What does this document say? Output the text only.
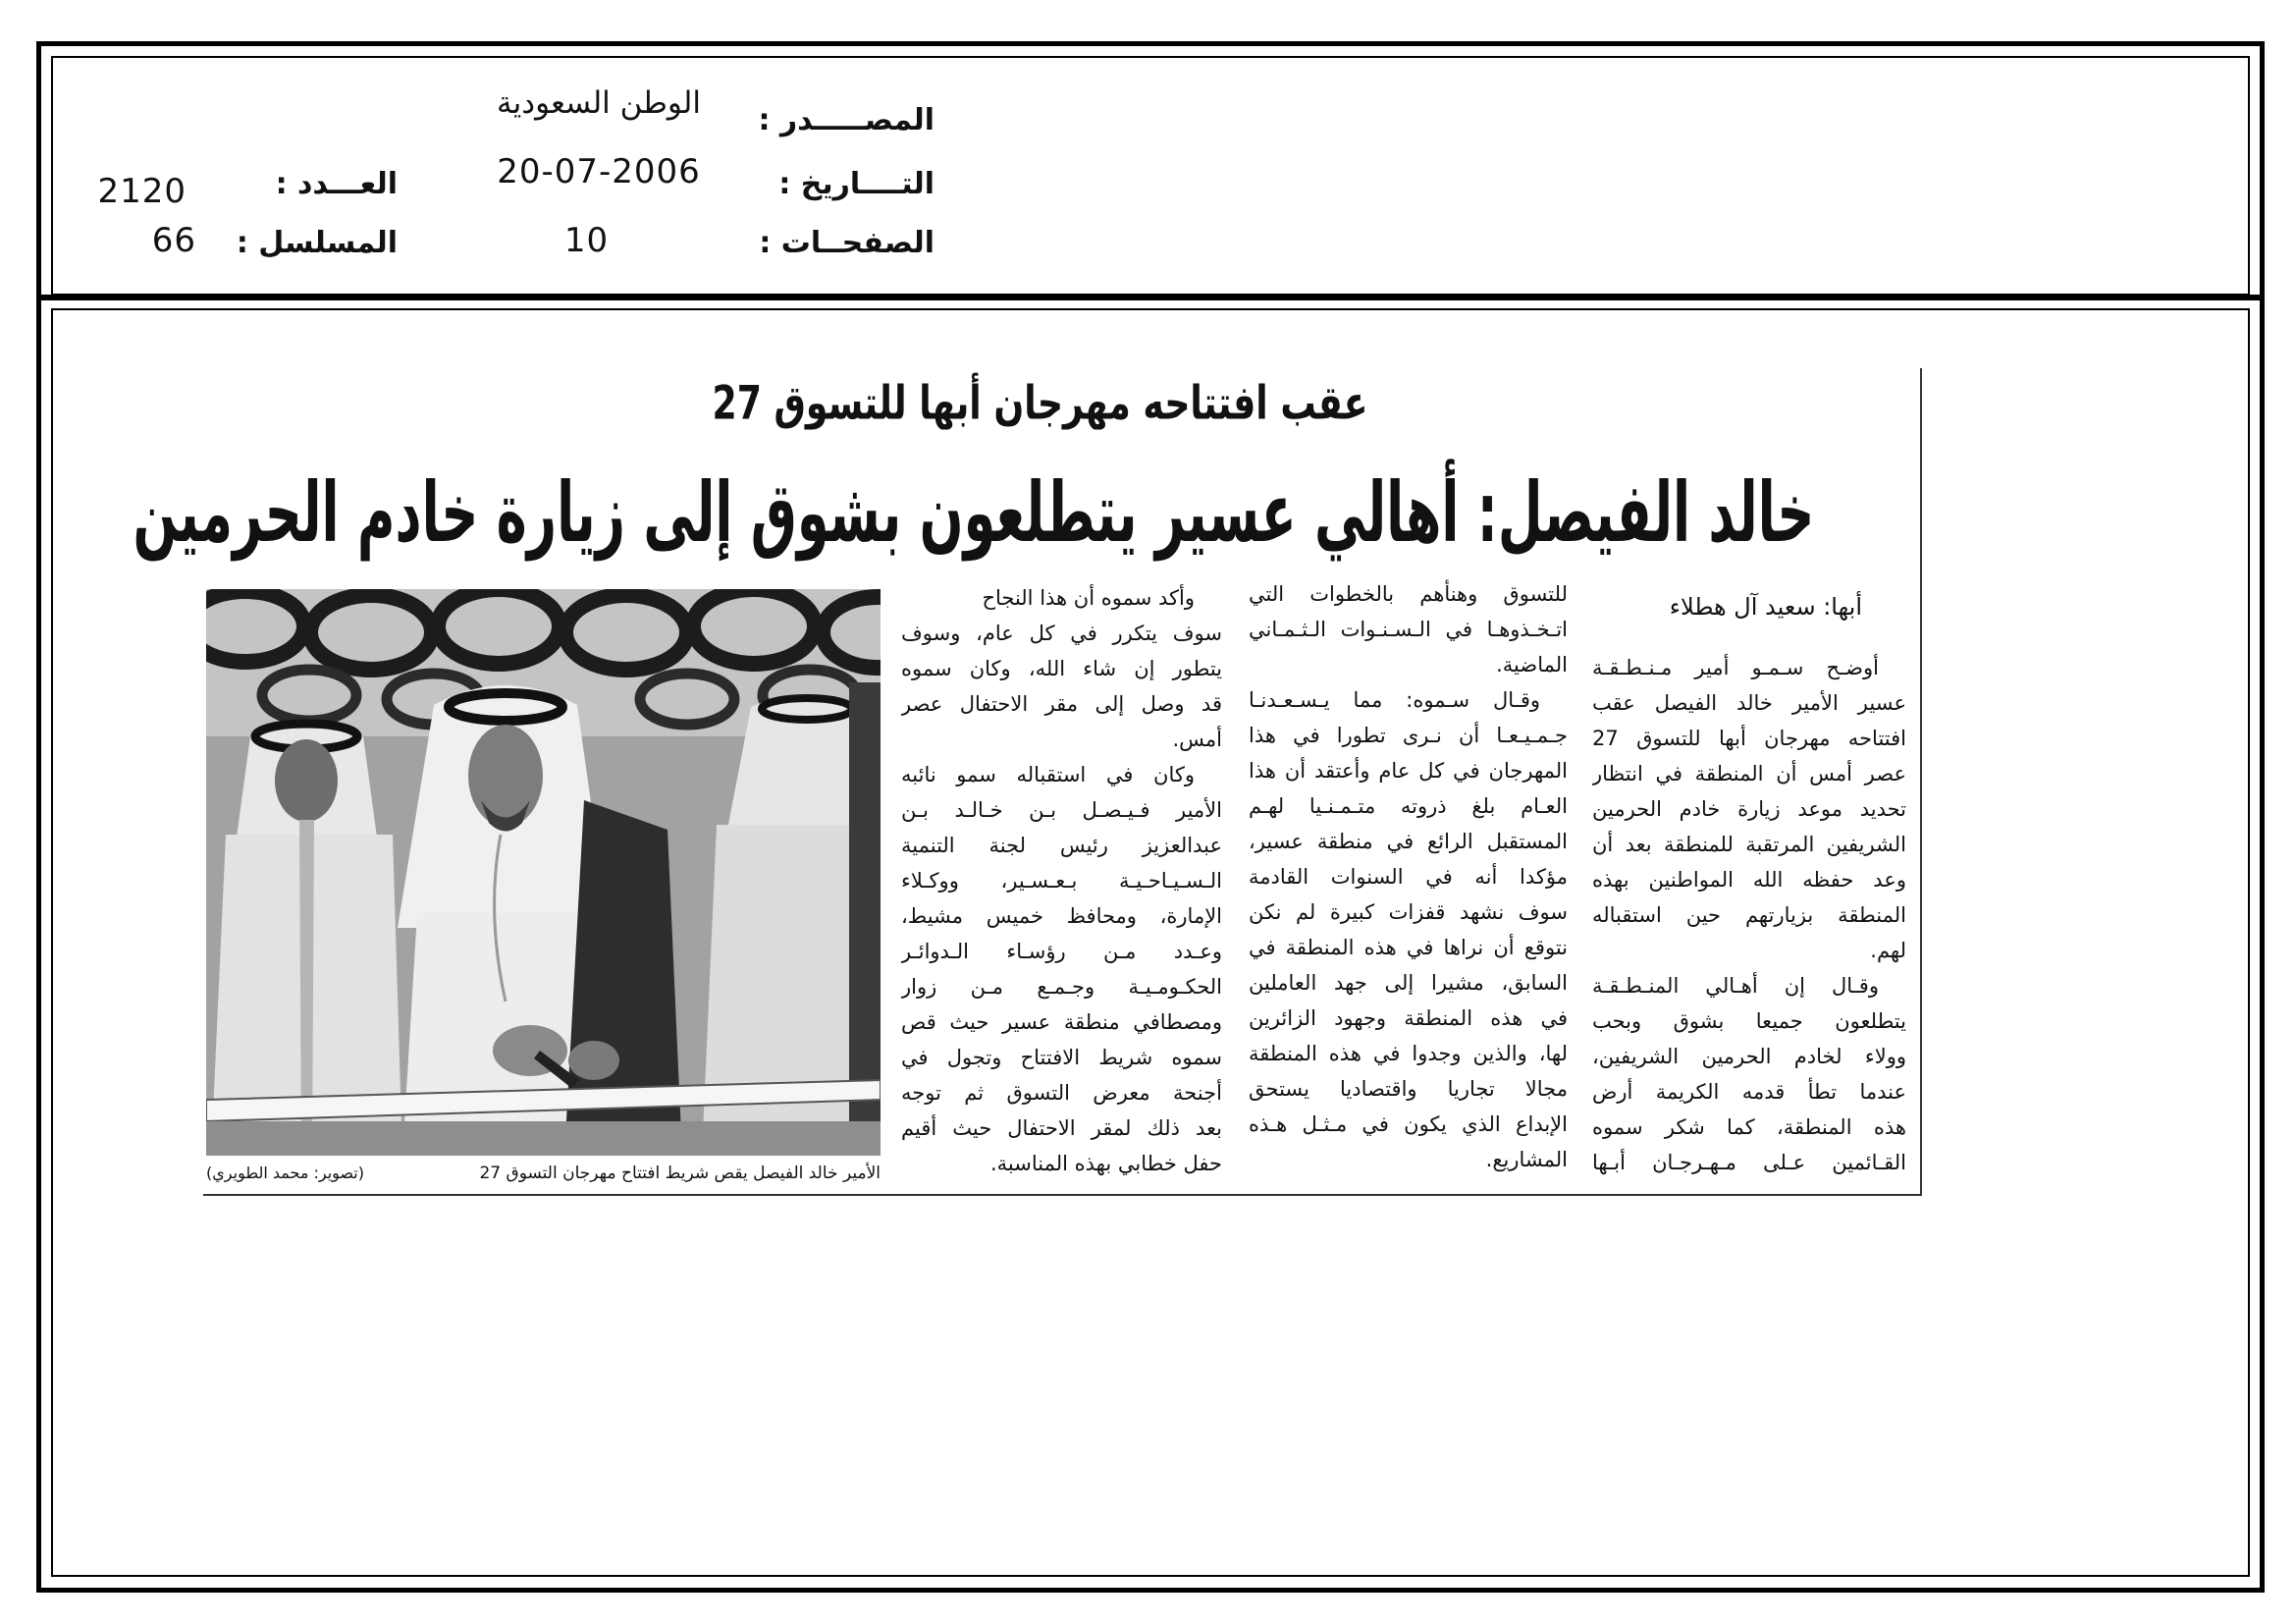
المصـــــدر :
الوطن السعودية
التــــاريخ :
20-07-2006
الصفحــات :
10
العـــدد :
2120
المسلسل :
66
عقب افتتاحه مهرجان أبها للتسوق 27
خالد الفيصل: أهالي عسير يتطلعون بشوق إلى زيارة خادم الحرمين
أبها: سعيد آل هطلاء
أوضـح سـمـو أمير مـنـطـقـة
عسير الأمير خالد الفيصل عقب
افتتاحه مهرجان أبها للتسوق 27
عصر أمس أن المنطقة في انتظار
تحديد موعد زيارة خادم الحرمين
الشريفين المرتقبة للمنطقة بعد أن
وعد حفظه الله المواطنين بهذه
المنطقة بزيارتهم حين استقباله
لهم.
وقـال إن أهـالي المنـطـقـة
يتطلعون جميعا بشوق وبحب
وولاء لخادم الحرمين الشريفين،
عندما تطأ قدمه الكريمة أرض
هذه المنطقة، كما شكر سموه
القـائمين عـلى مـهـرجـان أبـها
للتسوق وهنأهم بالخطوات التي
اتـخـذوهـا في الـسـنـوات الـثـمـاني
الماضية.
وقـال سـموه: مما يـسـعـدنـا
جـمـيـعـا أن نـرى تطورا في هذا
المهرجان في كل عام وأعتقد أن هذا
العـام بلغ ذروته متـمـنـيا لهـم
المستقبل الرائع في منطقة عسير،
مؤكدا أنه في السنوات القادمة
سوف نشهد قفزات كبيرة لم نكن
نتوقع أن نراها في هذه المنطقة في
السابق، مشيرا إلى جهد العاملين
في هذه المنطقة وجهود الزائرين
لها، والذين وجدوا في هذه المنطقة
مجالا تجاريا واقتصاديا يستحق
الإبداع الذي يكون في مـثـل هـذه
المشاريع.
وأكد سموه أن هذا النجاح
سوف يتكرر في كل عام، وسوف
يتطور إن شاء الله، وكان سموه
قد وصل إلى مقر الاحتفال عصر
أمس.
وكان في استقباله سمو نائبه
الأمير فـيـصـل بـن خـالـد بـن
عبدالعزيز رئيس لجنة التنمية
الـسـيـاحـيـة بـعـسـير، ووكـلاء
الإمارة، ومحافظ خميس مشيط،
وعـدد مـن رؤسـاء الـدوائـر
الحكـومـيـة وجـمـع مـن زوار
ومصطافي منطقة عسير حيث قص
سموه شريط الافتتاح وتجول في
أجنحة معرض التسوق ثم توجه
بعد ذلك لمقر الاحتفال حيث أقيم
حفل خطابي بهذه المناسبة.
الأمير خالد الفيصل يقص شريط افتتاح مهرجان التسوق 27
(تصوير: محمد الطويري)
